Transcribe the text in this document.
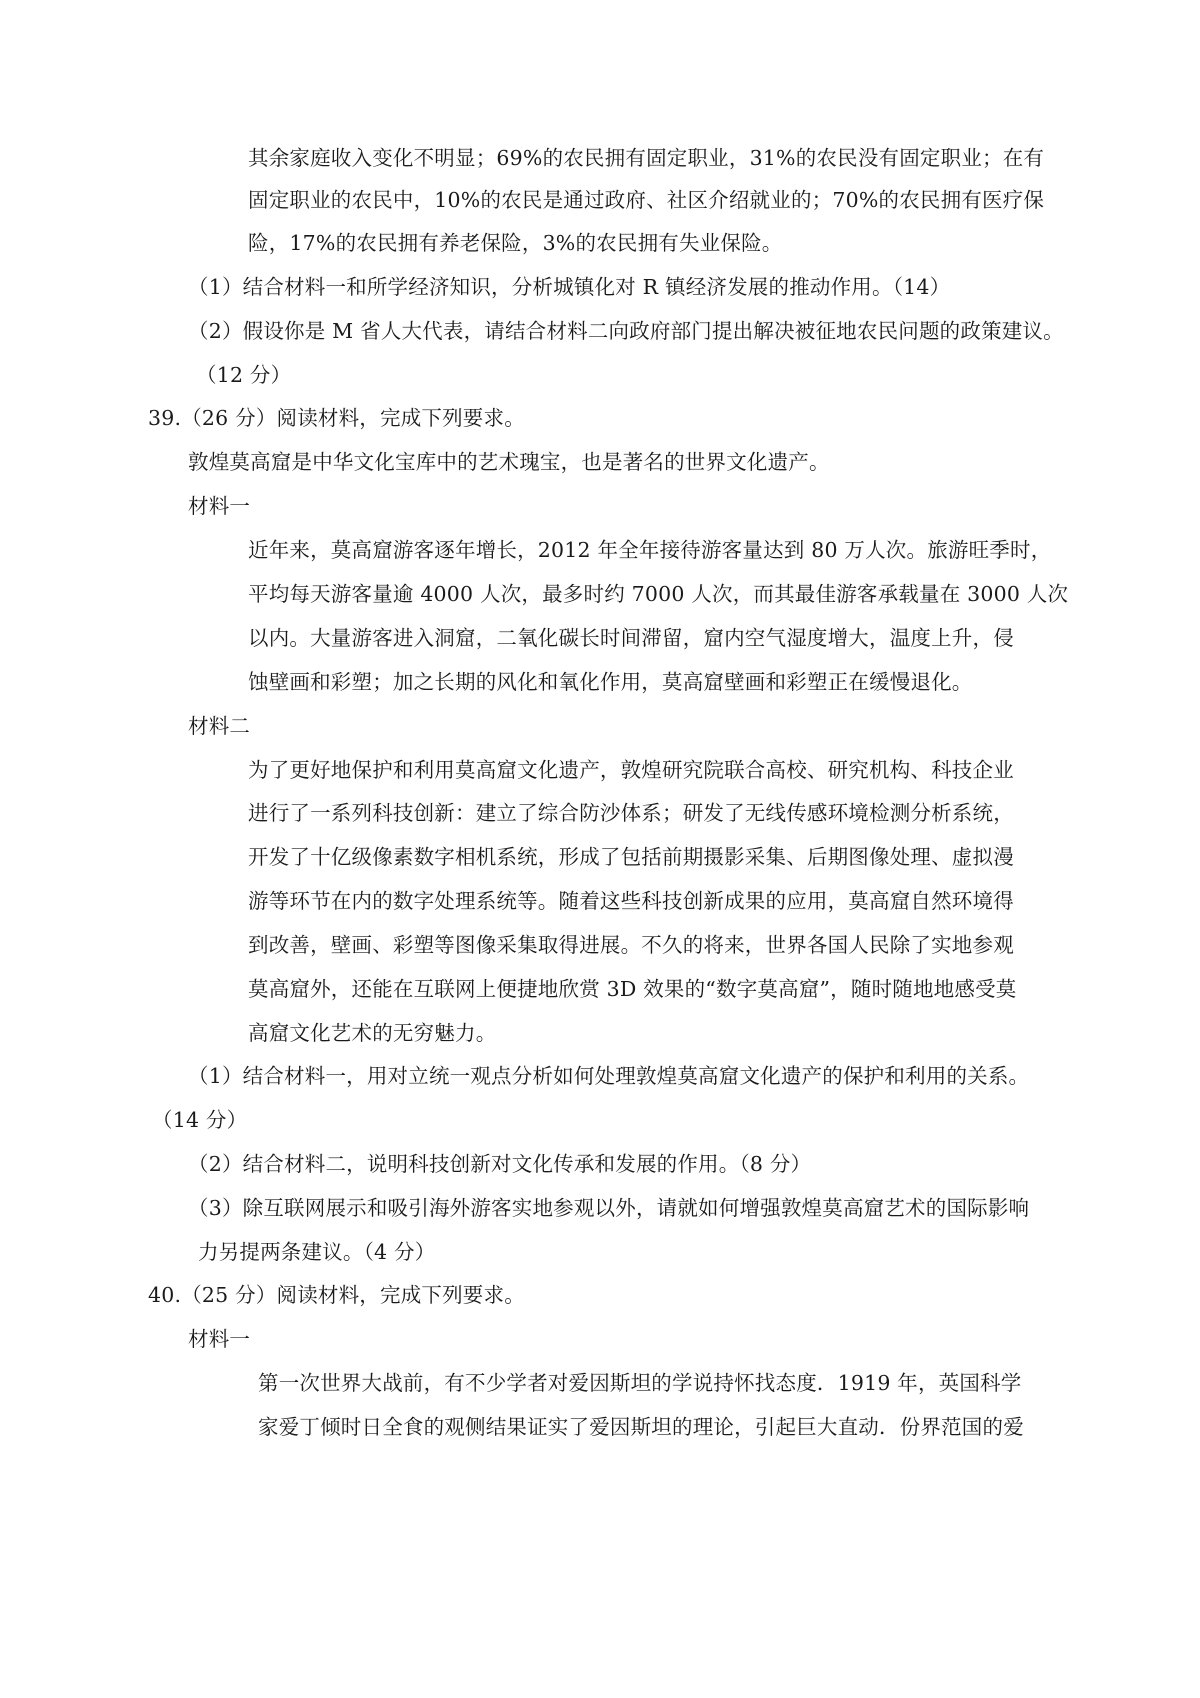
其余家庭收入变化不明显；69%的农民拥有固定职业，31%的农民没有固定职业；在有
固定职业的农民中，10%的农民是通过政府、社区介绍就业的；70%的农民拥有医疗保
险，17%的农民拥有养老保险，3%的农民拥有失业保险。
（1）结合材料一和所学经济知识，分析城镇化对 R 镇经济发展的推动作用。（14）
（2）假设你是 M 省人大代表，请结合材料二向政府部门提出解决被征地农民问题的政策建议。
（12 分）
39.（26 分）阅读材料，完成下列要求。
敦煌莫高窟是中华文化宝库中的艺术瑰宝，也是著名的世界文化遗产。
材料一
近年来，莫高窟游客逐年增长，2012 年全年接待游客量达到 80 万人次。旅游旺季时，
平均每天游客量逾 4000 人次，最多时约 7000 人次，而其最佳游客承载量在 3000 人次
以内。大量游客进入洞窟，二氧化碳长时间滞留，窟内空气湿度增大，温度上升，侵
蚀壁画和彩塑；加之长期的风化和氧化作用，莫高窟壁画和彩塑正在缓慢退化。
材料二
为了更好地保护和利用莫高窟文化遗产，敦煌研究院联合高校、研究机构、科技企业
进行了一系列科技创新：建立了综合防沙体系；研发了无线传感环境检测分析系统，
开发了十亿级像素数字相机系统，形成了包括前期摄影采集、后期图像处理、虚拟漫
游等环节在内的数字处理系统等。随着这些科技创新成果的应用，莫高窟自然环境得
到改善，壁画、彩塑等图像采集取得进展。不久的将来，世界各国人民除了实地参观
莫高窟外，还能在互联网上便捷地欣赏 3D 效果的“数字莫高窟”，随时随地地感受莫
高窟文化艺术的无穷魅力。
（1）结合材料一，用对立统一观点分析如何处理敦煌莫高窟文化遗产的保护和利用的关系。
（14 分）
（2）结合材料二，说明科技创新对文化传承和发展的作用。（8 分）
（3）除互联网展示和吸引海外游客实地参观以外，请就如何增强敦煌莫高窟艺术的国际影响
力另提两条建议。（4 分）
40.（25 分）阅读材料，完成下列要求。
材料一
第一次世界大战前，有不少学者对爱因斯坦的学说持怀找态度．1919 年，英国科学
家爱丁倾时日全食的观侧结果证实了爱因斯坦的理论，引起巨大直动．份界范国的爱
